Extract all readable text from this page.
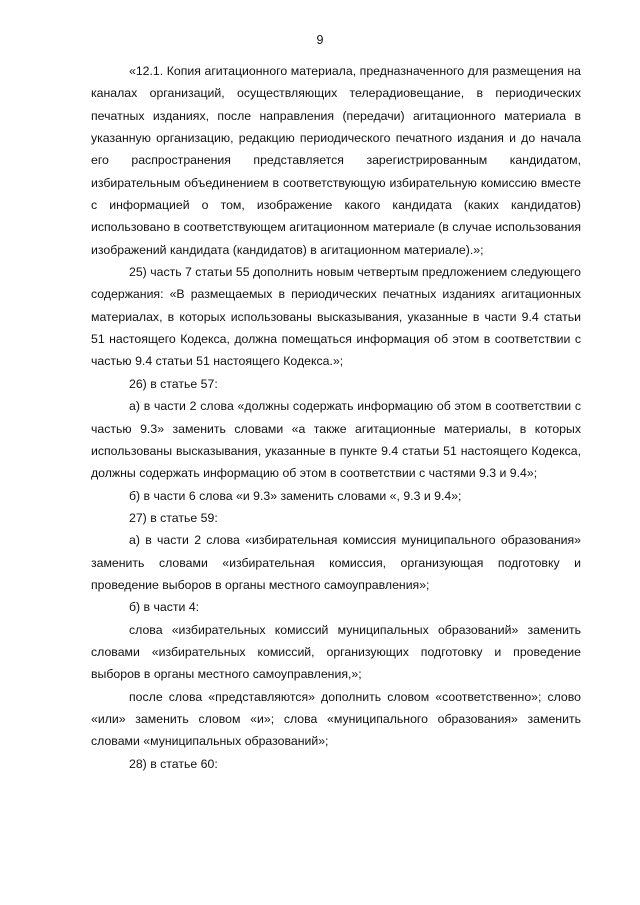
9

«12.1. Копия агитационного материала, предназначенного для размещения на каналах организаций, осуществляющих телерадиовещание, в периодических печатных изданиях, после направления (передачи) агитационного материала в указанную организацию, редакцию периодического печатного издания и до начала его распространения представляется зарегистрированным кандидатом, избирательным объединением в соответствующую избирательную комиссию вместе с информацией о том, изображение какого кандидата (каких кандидатов) использовано в соответствующем агитационном материале (в случае использования изображений кандидата (кандидатов) в агитационном материале).»;

25) часть 7 статьи 55 дополнить новым четвертым предложением следующего содержания: «В размещаемых в периодических печатных изданиях агитационных материалах, в которых использованы высказывания, указанные в части 9.4 статьи 51 настоящего Кодекса, должна помещаться информация об этом в соответствии с частью 9.4 статьи 51 настоящего Кодекса.»;

26) в статье 57:

а) в части 2 слова «должны содержать информацию об этом в соответствии с частью 9.3» заменить словами «а также агитационные материалы, в которых использованы высказывания, указанные в пункте 9.4 статьи 51 настоящего Кодекса, должны содержать информацию об этом в соответствии с частями 9.3 и 9.4»;

б) в части 6 слова «и 9.3» заменить словами «, 9.3 и 9.4»;

27) в статье 59:

а) в части 2 слова «избирательная комиссия муниципального образования» заменить словами «избирательная комиссия, организующая подготовку и проведение выборов в органы местного самоуправления»;

б) в части 4:

слова «избирательных комиссий муниципальных образований» заменить словами «избирательных комиссий, организующих подготовку и проведение выборов в органы местного самоуправления,»;

после слова «представляются» дополнить словом «соответственно»; слово «или» заменить словом «и»; слова «муниципального образования» заменить словами «муниципальных образований»;

28) в статье 60:
